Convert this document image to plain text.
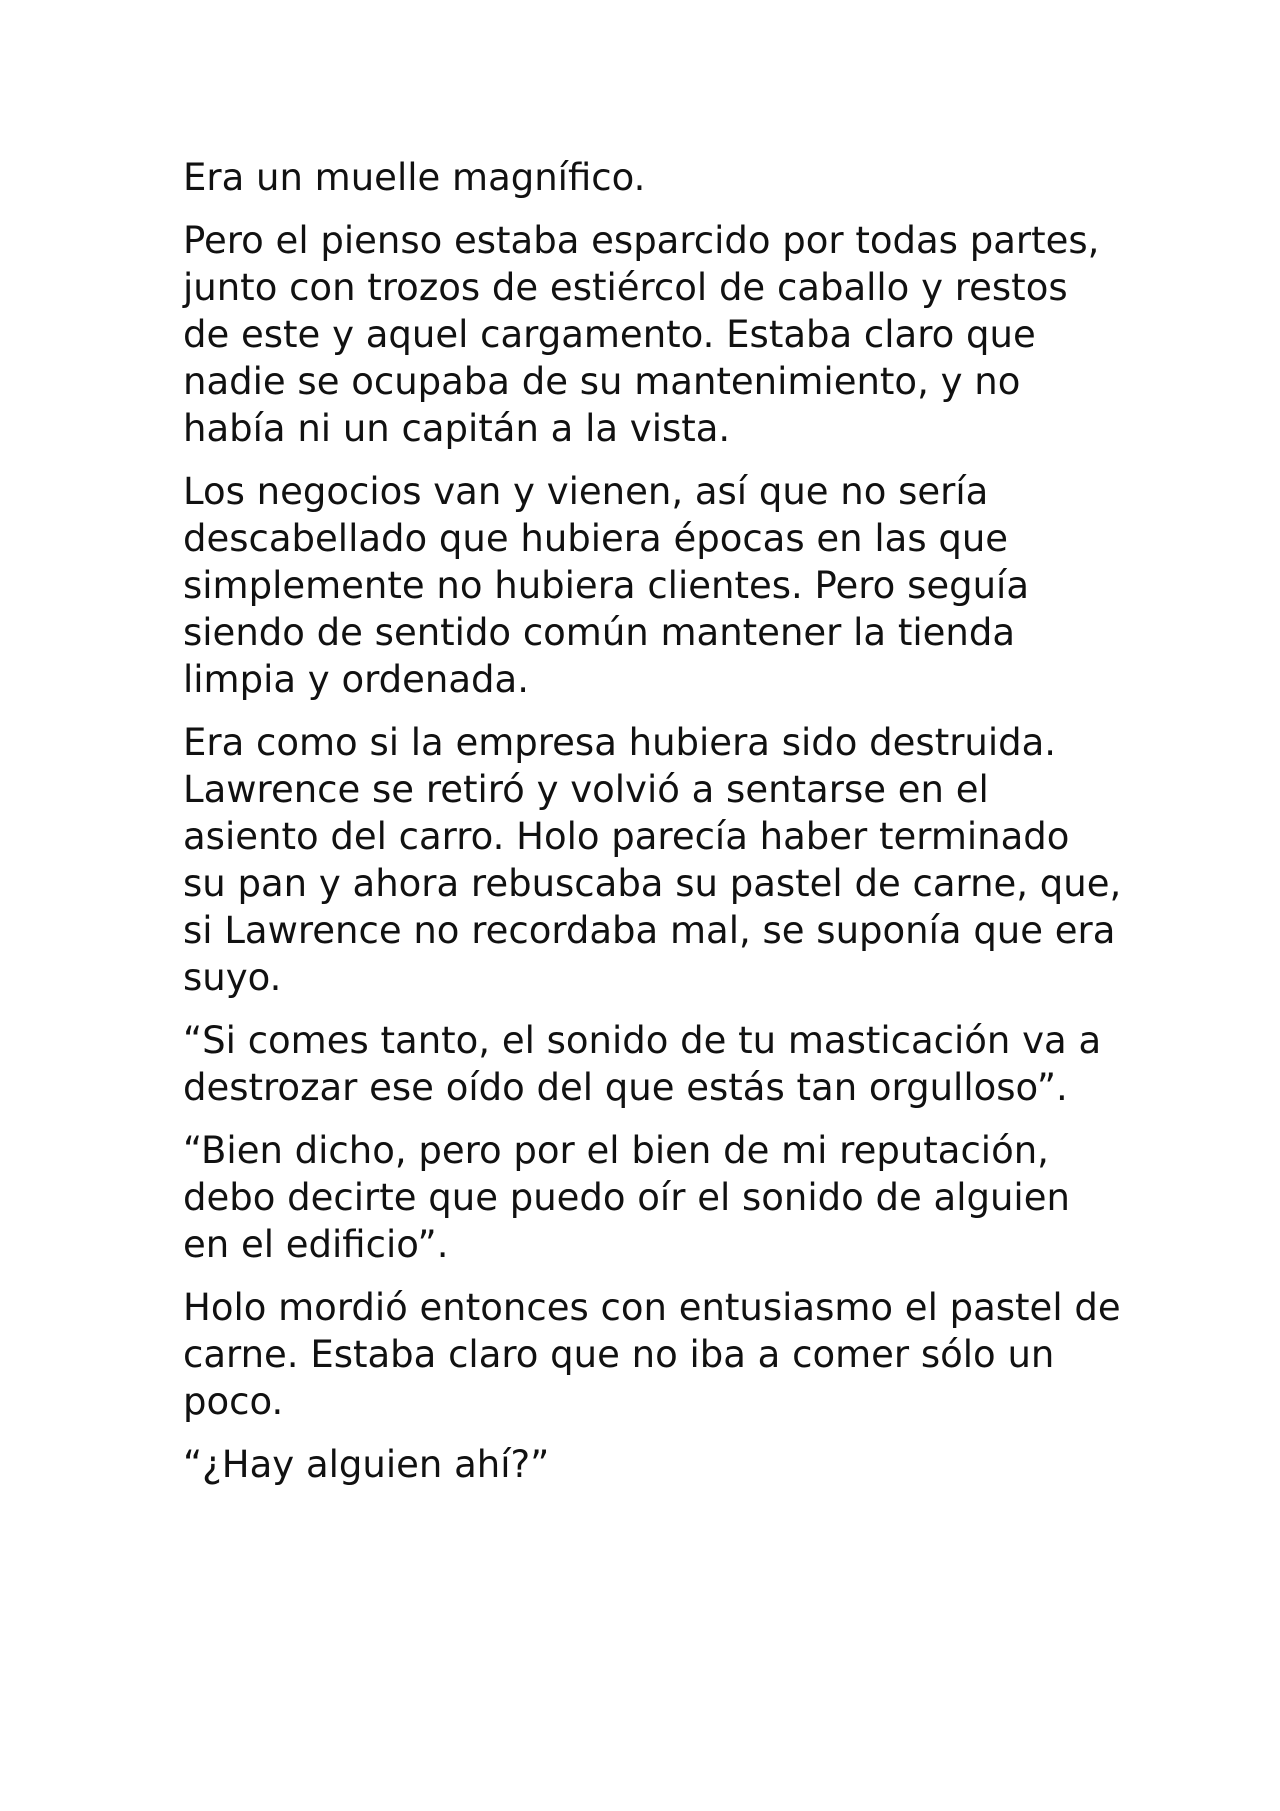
Era un muelle magnífico.

Pero el pienso estaba esparcido por todas partes, junto con trozos de estiércol de caballo y restos de este y aquel cargamento. Estaba claro que nadie se ocupaba de su mantenimiento, y no había ni un capitán a la vista.

Los negocios van y vienen, así que no sería descabellado que hubiera épocas en las que simplemente no hubiera clientes. Pero seguía siendo de sentido común mantener la tienda limpia y ordenada.

Era como si la empresa hubiera sido destruida. Lawrence se retiró y volvió a sentarse en el asiento del carro. Holo parecía haber terminado su pan y ahora rebuscaba su pastel de carne, que, si Lawrence no recordaba mal, se suponía que era suyo.

“Si comes tanto, el sonido de tu masticación va a destrozar ese oído del que estás tan orgulloso”.

“Bien dicho, pero por el bien de mi reputación, debo decirte que puedo oír el sonido de alguien en el edificio”.

Holo mordió entonces con entusiasmo el pastel de carne. Estaba claro que no iba a comer sólo un poco.

“¿Hay alguien ahí?”
